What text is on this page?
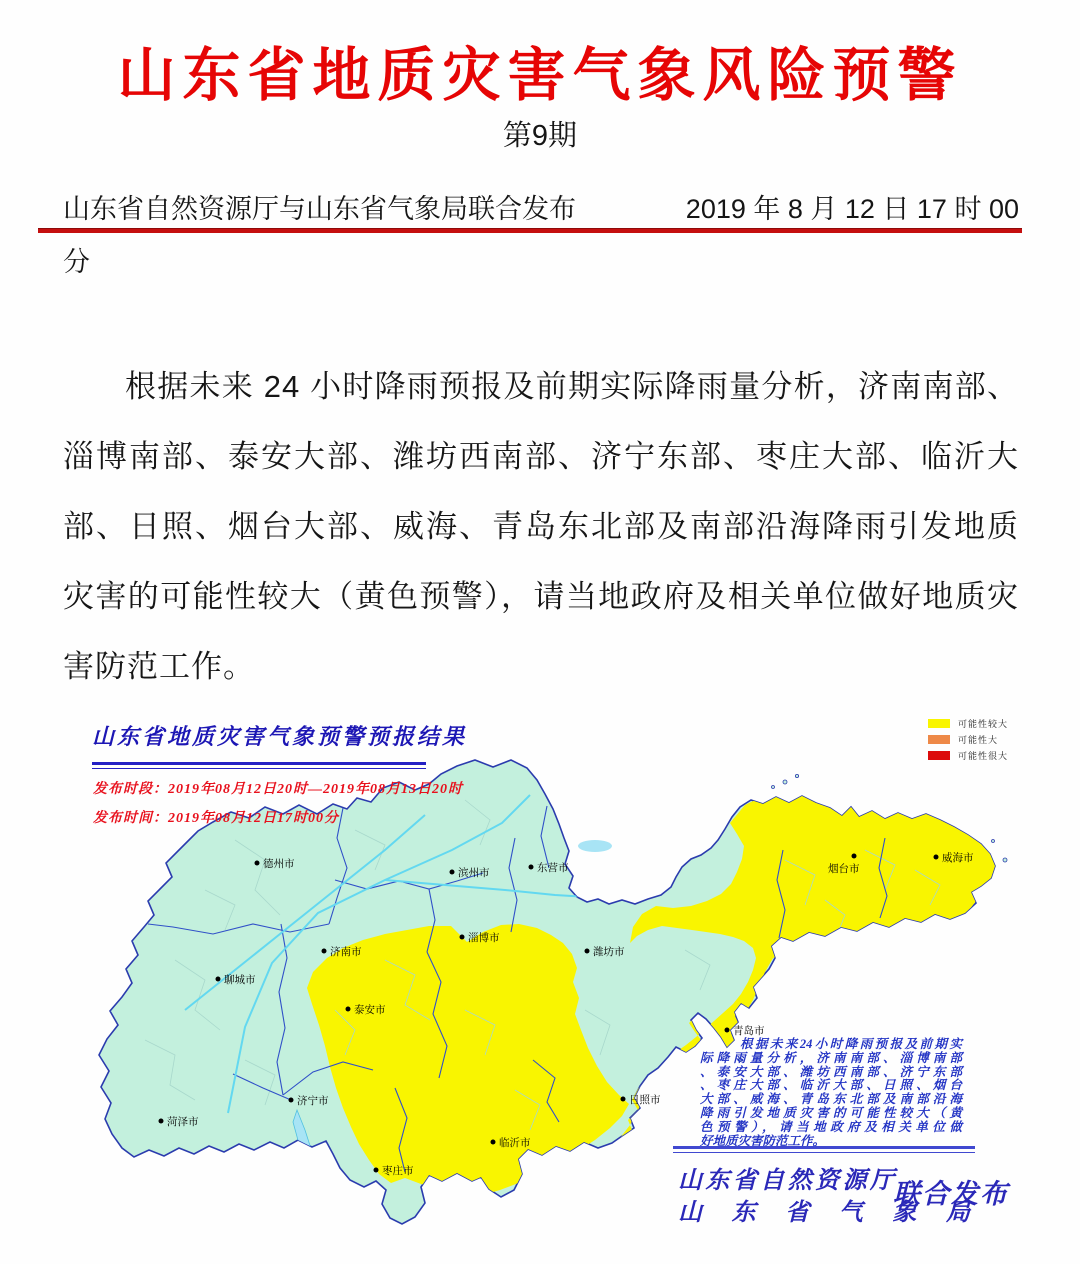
山东省地质灾害气象风险预警
第9期
山东省自然资源厅与山东省气象局联合发布	2019 年 8 月 12 日 17 时 00
分
根据未来 24 小时降雨预报及前期实际降雨量分析，济南南部、淄博南部、泰安大部、潍坊西南部、济宁东部、枣庄大部、临沂大部、日照、烟台大部、威海、青岛东北部及南部沿海降雨引发地质灾害的可能性较大（黄色预警），请当地政府及相关单位做好地质灾害防范工作。
德州市
滨州市	东营市
聊城市
济南市
淄博市
潍坊市
烟台市
威海市
泰安市
济宁市
菏泽市
临沂市
枣庄市
青岛市
日照市
山东省地质灾害气象预警预报结果
发布时段：2019年08月12日20时—2019年08月13日20时
发布时间：2019年08月12日17时00分
可能性较大
可能性大
可能性很大
根据未来24小时降雨预报及前期实
际降雨量分析，济南南部、淄博南部
、泰安大部、潍坊西南部、济宁东部
、枣庄大部、临沂大部、日照、烟台
大部、威海、青岛东北部及南部沿海
降雨引发地质灾害的可能性较大（黄
色预警），请当地政府及相关单位做
好地质灾害防范工作。
山东省自然资源厅
山东省气象局
联合发布
